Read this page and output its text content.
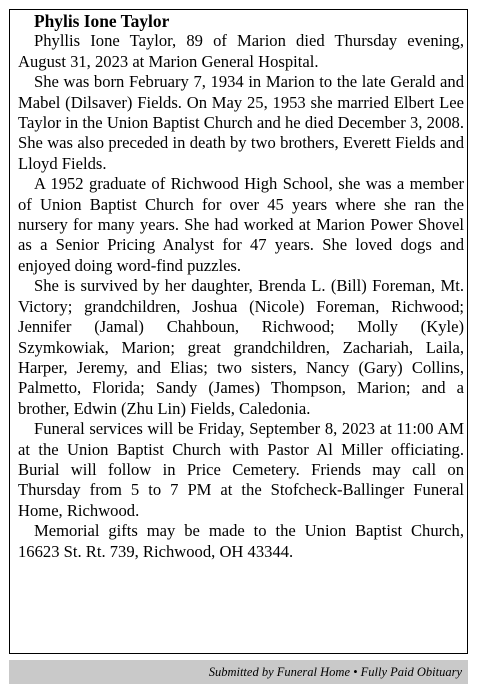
Phylis Ione Taylor

Phyllis Ione Taylor, 89 of Marion died Thursday evening, August 31, 2023 at Marion General Hospital.

She was born February 7, 1934 in Marion to the late Gerald and Mabel (Dilsaver) Fields. On May 25, 1953 she married Elbert Lee Taylor in the Union Baptist Church and he died December 3, 2008. She was also preceded in death by two brothers, Everett Fields and Lloyd Fields.

A 1952 graduate of Richwood High School, she was a member of Union Baptist Church for over 45 years where she ran the nursery for many years. She had worked at Marion Power Shovel as a Senior Pricing Analyst for 47 years. She loved dogs and enjoyed doing word-find puzzles.

She is survived by her daughter, Brenda L. (Bill) Foreman, Mt. Victory; grandchildren, Joshua (Nicole) Foreman, Richwood; Jennifer (Jamal) Chahboun, Richwood; Molly (Kyle) Szymkowiak, Marion; great grandchildren, Zachariah, Laila, Harper, Jeremy, and Elias; two sisters, Nancy (Gary) Collins, Palmetto, Florida; Sandy (James) Thompson, Marion; and a brother, Edwin (Zhu Lin) Fields, Caledonia.

Funeral services will be Friday, September 8, 2023 at 11:00 AM at the Union Baptist Church with Pastor Al Miller officiating. Burial will follow in Price Cemetery. Friends may call on Thursday from 5 to 7 PM at the Stofcheck-Ballinger Funeral Home, Richwood.

Memorial gifts may be made to the Union Baptist Church, 16623 St. Rt. 739, Richwood, OH 43344.

Submitted by Funeral Home • Fully Paid Obituary
